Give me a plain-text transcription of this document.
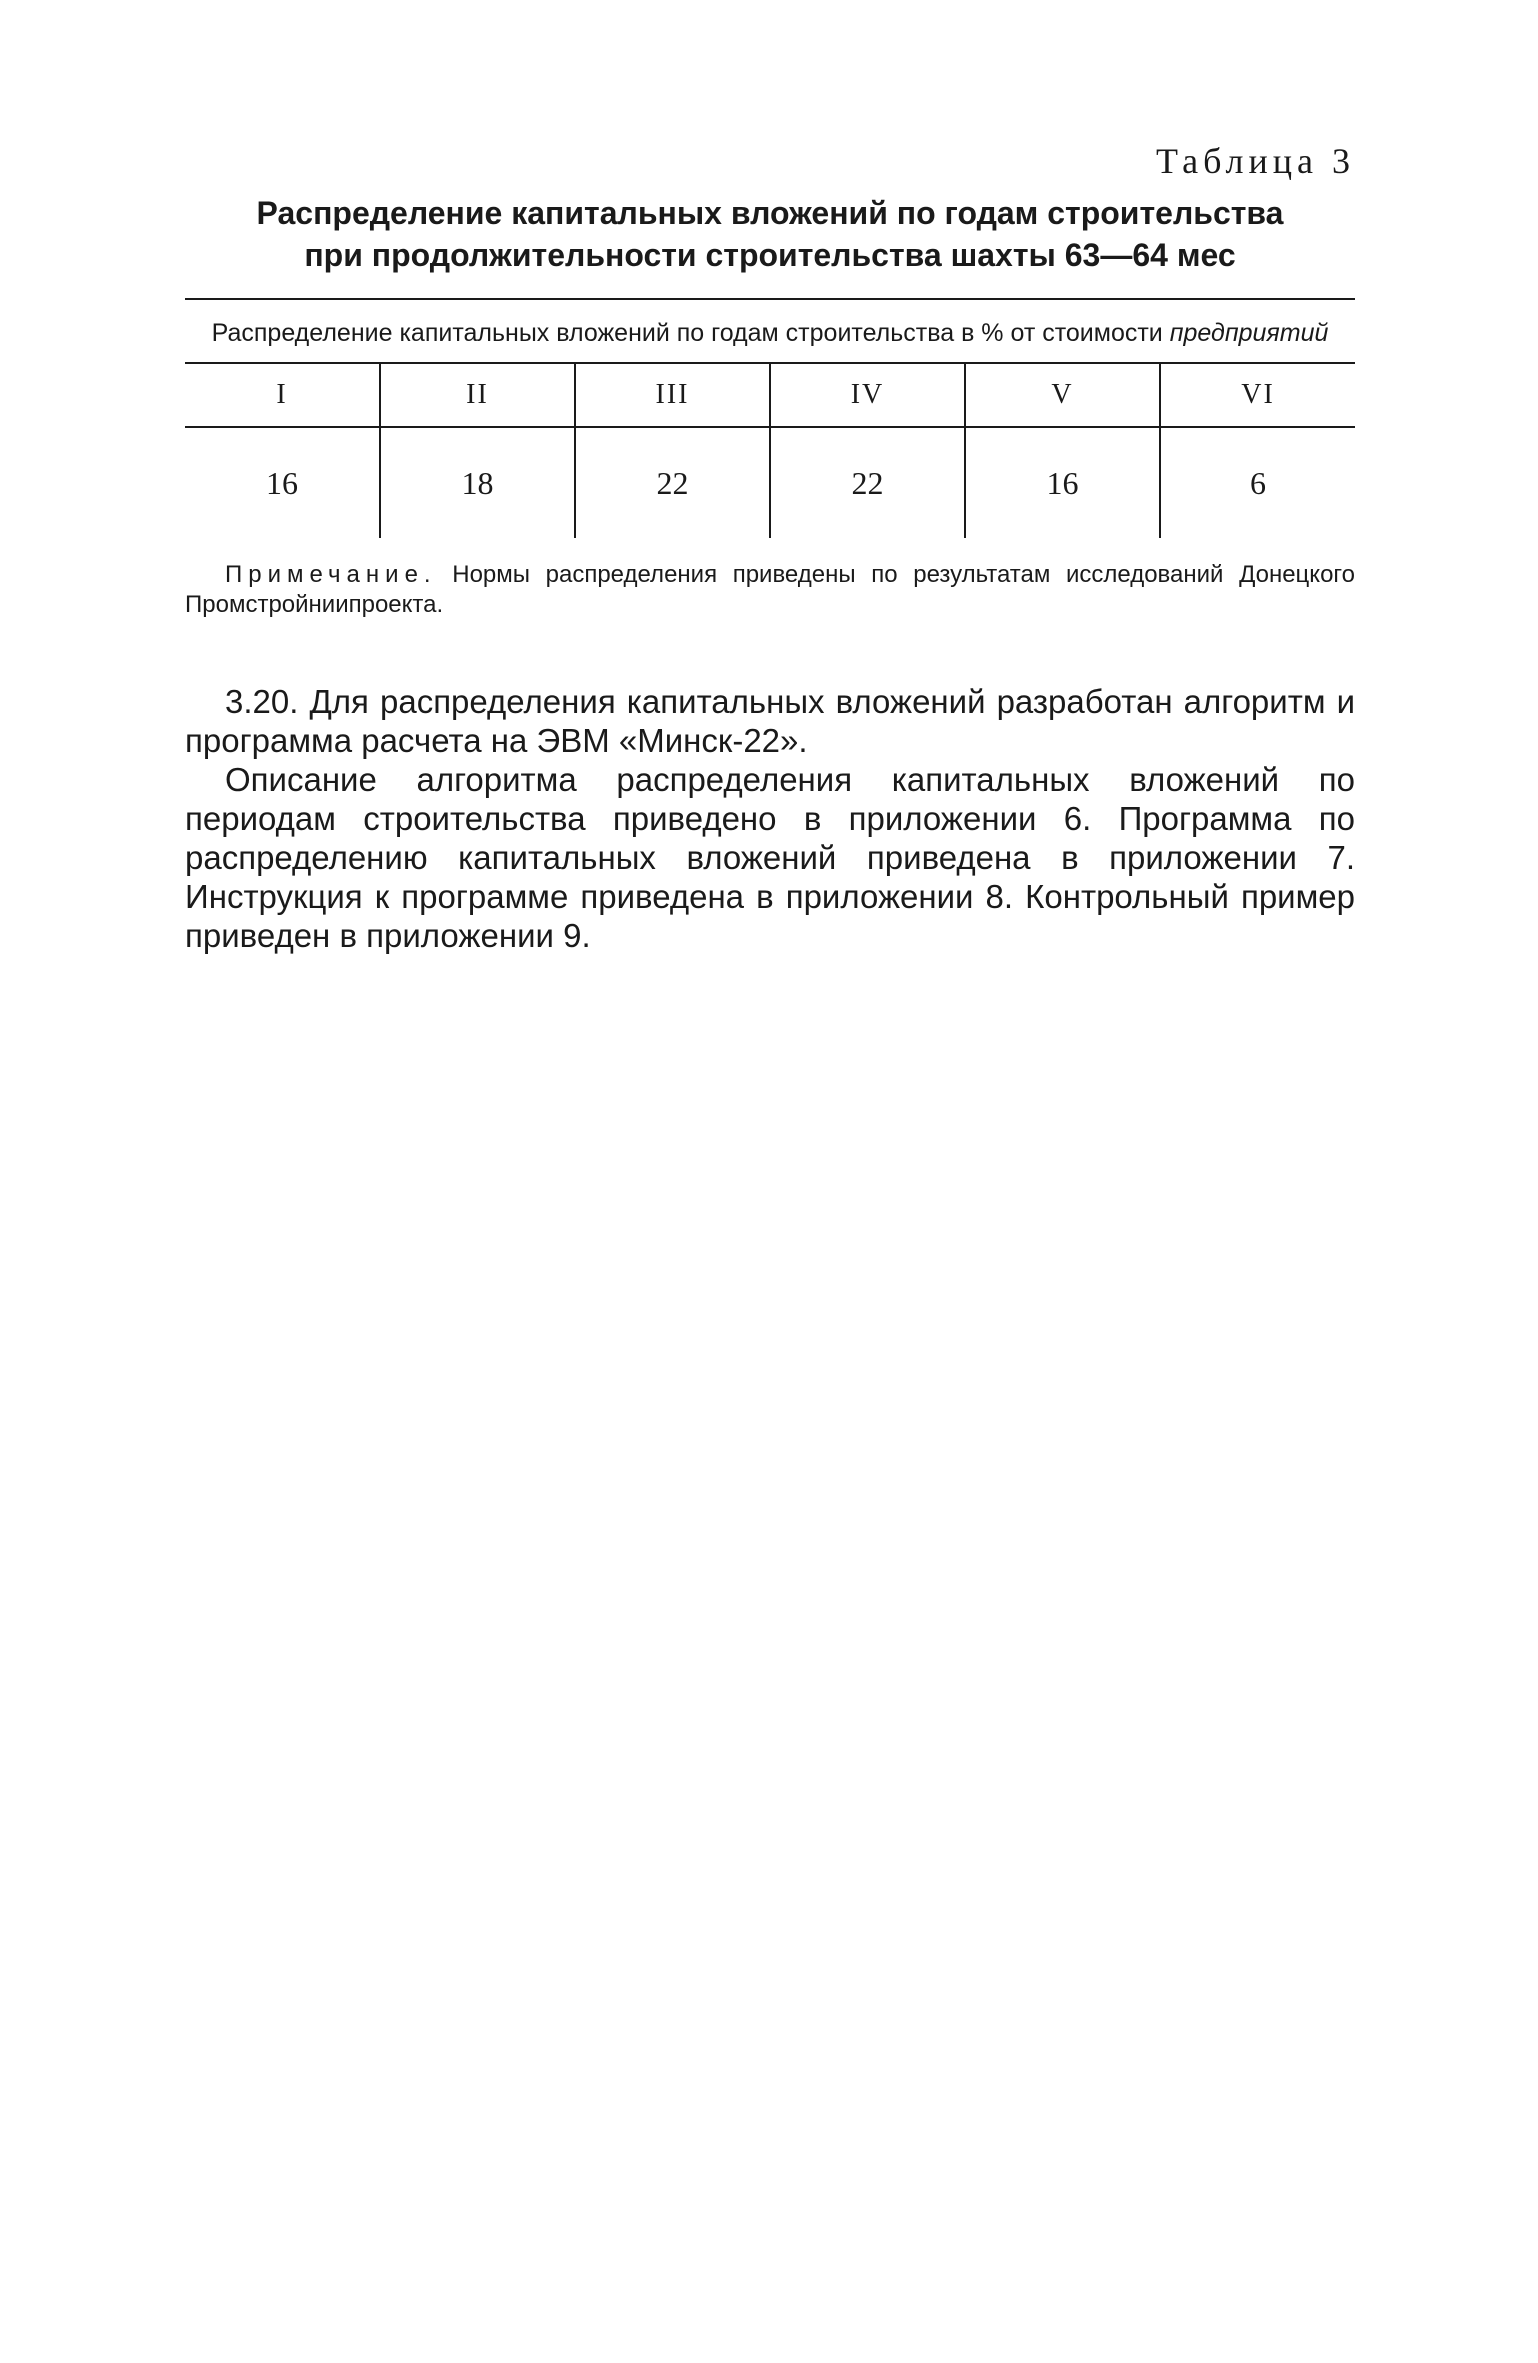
Таблица 3
Распределение капитальных вложений по годам строительства
при продолжительности строительства шахты 63—64 мес
Распределение капитальных вложений по годам строительства в % от стоимости предприятий
I	II	III	IV	V	VI
16	18	22	22	16	6
Примечание. Нормы распределения приведены по результатам исследований Донецкого Промстройниипроекта.

3.20. Для распределения капитальных вложений разработан алгоритм и программа расчета на ЭВМ «Минск-22».

Описание алгоритма распределения капитальных вложений по периодам строительства приведено в приложении 6. Программа по распределению капитальных вложений приведена в приложении 7. Инструкция к программе приведена в приложении 8. Контрольный пример приведен в приложении 9.
